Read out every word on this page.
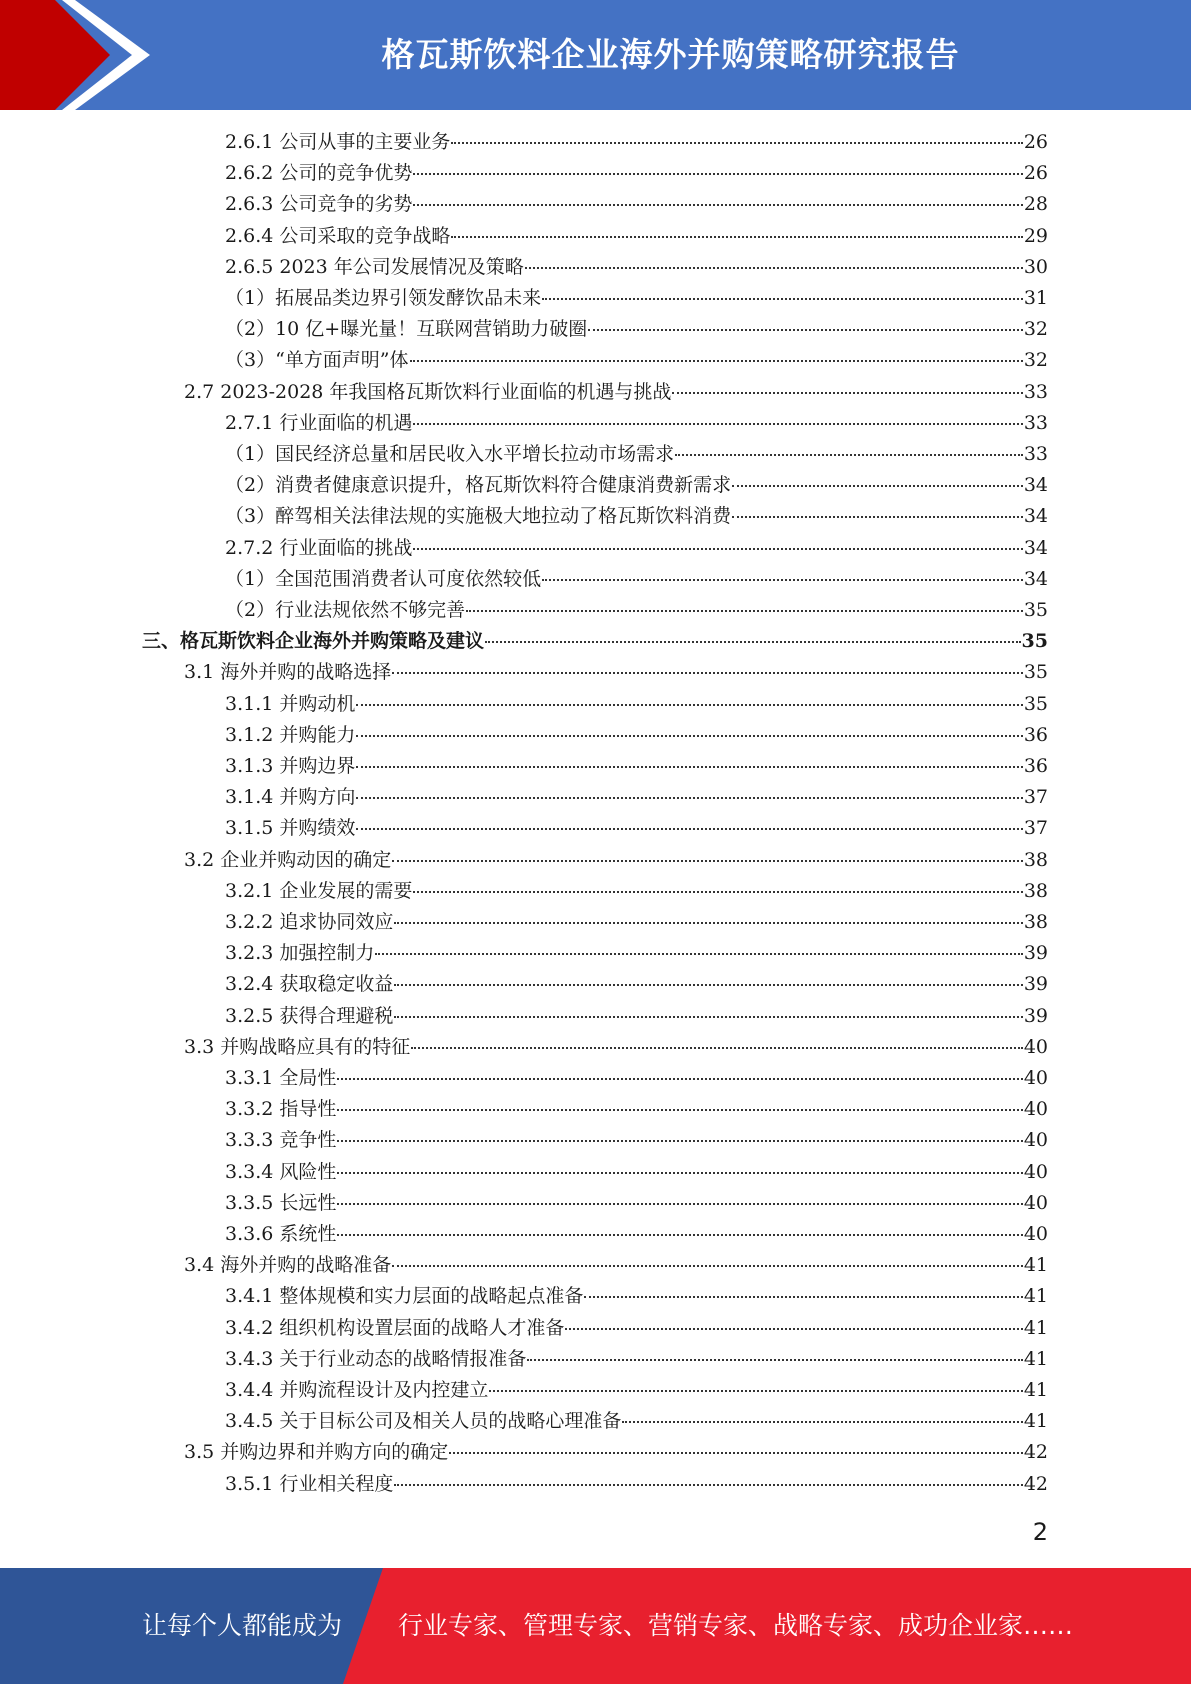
格瓦斯饮料企业海外并购策略研究报告
2.6.1 公司从事的主要业务	26
2.6.2 公司的竞争优势	26
2.6.3 公司竞争的劣势	28
2.6.4 公司采取的竞争战略	29
2.6.5 2023 年公司发展情况及策略	30
（1）拓展品类边界引领发酵饮品未来	31
（2）10 亿+曝光量！互联网营销助力破圈	32
（3）“单方面声明”体	32
2.7 2023-2028 年我国格瓦斯饮料行业面临的机遇与挑战	33
2.7.1 行业面临的机遇	33
（1）国民经济总量和居民收入水平增长拉动市场需求	33
（2）消费者健康意识提升，格瓦斯饮料符合健康消费新需求	34
（3）醉驾相关法律法规的实施极大地拉动了格瓦斯饮料消费	34
2.7.2 行业面临的挑战	34
（1）全国范围消费者认可度依然较低	34
（2）行业法规依然不够完善	35
三、格瓦斯饮料企业海外并购策略及建议	35
3.1 海外并购的战略选择	35
3.1.1 并购动机	35
3.1.2 并购能力	36
3.1.3 并购边界	36
3.1.4 并购方向	37
3.1.5 并购绩效	37
3.2 企业并购动因的确定	38
3.2.1 企业发展的需要	38
3.2.2 追求协同效应	38
3.2.3 加强控制力	39
3.2.4 获取稳定收益	39
3.2.5 获得合理避税	39
3.3 并购战略应具有的特征	40
3.3.1 全局性	40
3.3.2 指导性	40
3.3.3 竞争性	40
3.3.4 风险性	40
3.3.5 长远性	40
3.3.6 系统性	40
3.4 海外并购的战略准备	41
3.4.1 整体规模和实力层面的战略起点准备	41
3.4.2 组织机构设置层面的战略人才准备	41
3.4.3 关于行业动态的战略情报准备	41
3.4.4 并购流程设计及内控建立	41
3.4.5 关于目标公司及相关人员的战略心理准备	41
3.5 并购边界和并购方向的确定	42
3.5.1 行业相关程度	42
2
让每个人都能成为 行业专家、管理专家、营销专家、战略专家、成功企业家……
